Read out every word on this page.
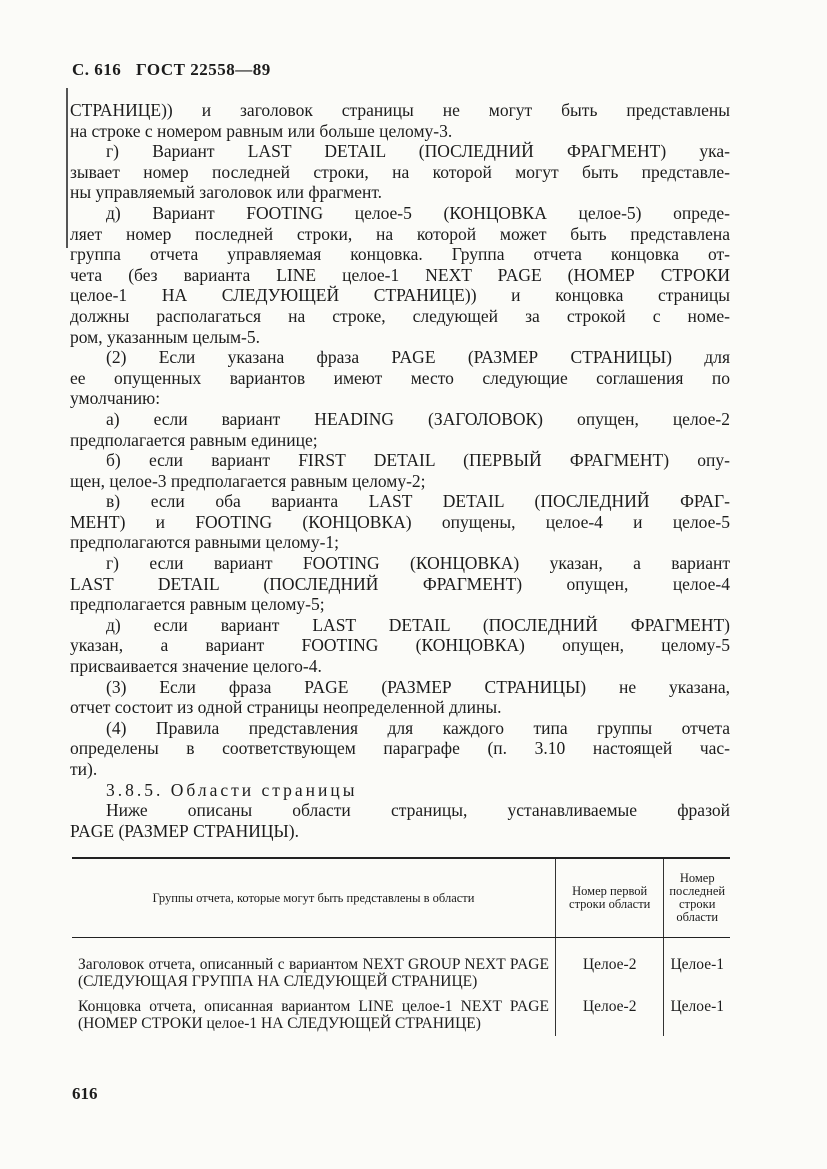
С. 616 ГОСТ 22558—89
СТРАНИЦЕ)) и заголовок страницы не могут быть представлены
на строке с номером равным или больше целому-3.
г) Вариант LAST DETAIL (ПОСЛЕДНИЙ ФРАГМЕНТ) ука-
зывает номер последней строки, на которой могут быть представле-
ны управляемый заголовок или фрагмент.
д) Вариант FOOTING целое-5 (КОНЦОВКА целое-5) опреде-
ляет номер последней строки, на которой может быть представлена
группа отчета управляемая концовка. Группа отчета концовка от-
чета (без варианта LINE целое-1 NEXT PAGE (НОМЕР СТРОКИ
целое-1 НА СЛЕДУЮЩЕЙ СТРАНИЦЕ)) и концовка страницы
должны располагаться на строке, следующей за строкой с номе-
ром, указанным целым-5.
(2) Если указана фраза PAGE (РАЗМЕР СТРАНИЦЫ) для
ее опущенных вариантов имеют место следующие соглашения по
умолчанию:
а) если вариант HEADING (ЗАГОЛОВОК) опущен, целое-2
предполагается равным единице;
б) если вариант FIRST DETAIL (ПЕРВЫЙ ФРАГМЕНТ) опу-
щен, целое-3 предполагается равным целому-2;
в) если оба варианта LAST DETAIL (ПОСЛЕДНИЙ ФРАГ-
МЕНТ) и FOOTING (КОНЦОВКА) опущены, целое-4 и целое-5
предполагаются равными целому-1;
г) если вариант FOOTING (КОНЦОВКА) указан, а вариант
LAST DETAIL (ПОСЛЕДНИЙ ФРАГМЕНТ) опущен, целое-4
предполагается равным целому-5;
д) если вариант LAST DETAIL (ПОСЛЕДНИЙ ФРАГМЕНТ)
указан, а вариант FOOTING (КОНЦОВКА) опущен, целому-5
присваивается значение целого-4.
(3) Если фраза PAGE (РАЗМЕР СТРАНИЦЫ) не указана,
отчет состоит из одной страницы неопределенной длины.
(4) Правила представления для каждого типа группы отчета
определены в соответствующем параграфе (п. 3.10 настоящей час-
ти).
3.8.5. Области страницы
Ниже описаны области страницы, устанавливаемые фразой
PAGE (РАЗМЕР СТРАНИЦЫ).
Группы отчета, которые могут быть представлены в области	Номер первой строки области	Номер последней строки области
Заголовок отчета, описанный с вариантом NEXT GROUP NEXT PAGE (СЛЕДУЮЩАЯ ГРУППА НА СЛЕДУЮЩЕЙ СТРАНИЦЕ)	Целое-2	Целое-1
Концовка отчета, описанная вариантом LINE целое-1 NEXT PAGE (НОМЕР СТРОКИ целое-1 НА СЛЕДУЮЩЕЙ СТРАНИЦЕ)	Целое-2	Целое-1
616
